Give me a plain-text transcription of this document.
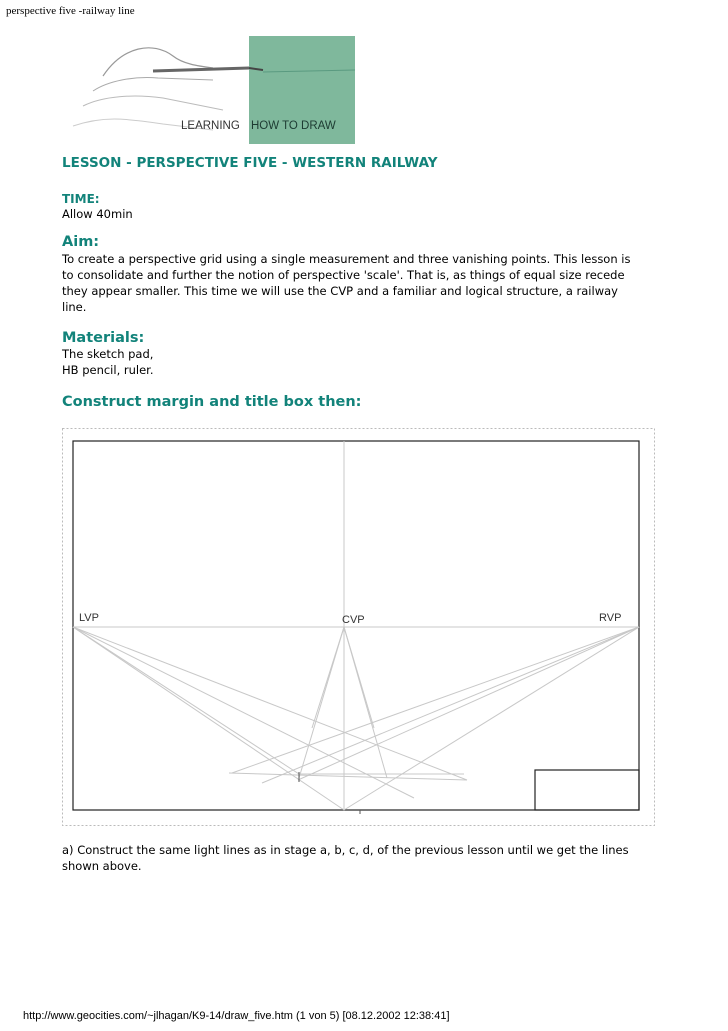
perspective five -railway line
LEARNING HOW TO DRAW
LESSON - PERSPECTIVE FIVE - WESTERN RAILWAY
TIME:
Allow 40min
Aim:
To create a perspective grid using a single measurement and three vanishing points. This lesson is
to consolidate and further the notion of perspective 'scale'. That is, as things of equal size recede
they appear smaller. This time we will use the CVP and a familiar and logical structure, a railway
line.
Materials:
The sketch pad,
HB pencil, ruler.
Construct margin and title box then:
LVP	CVP	RVP
a) Construct the same light lines as in stage a, b, c, d, of the previous lesson until we get the lines
shown above.
http://www.geocities.com/~jlhagan/K9-14/draw_five.htm (1 von 5) [08.12.2002 12:38:41]
